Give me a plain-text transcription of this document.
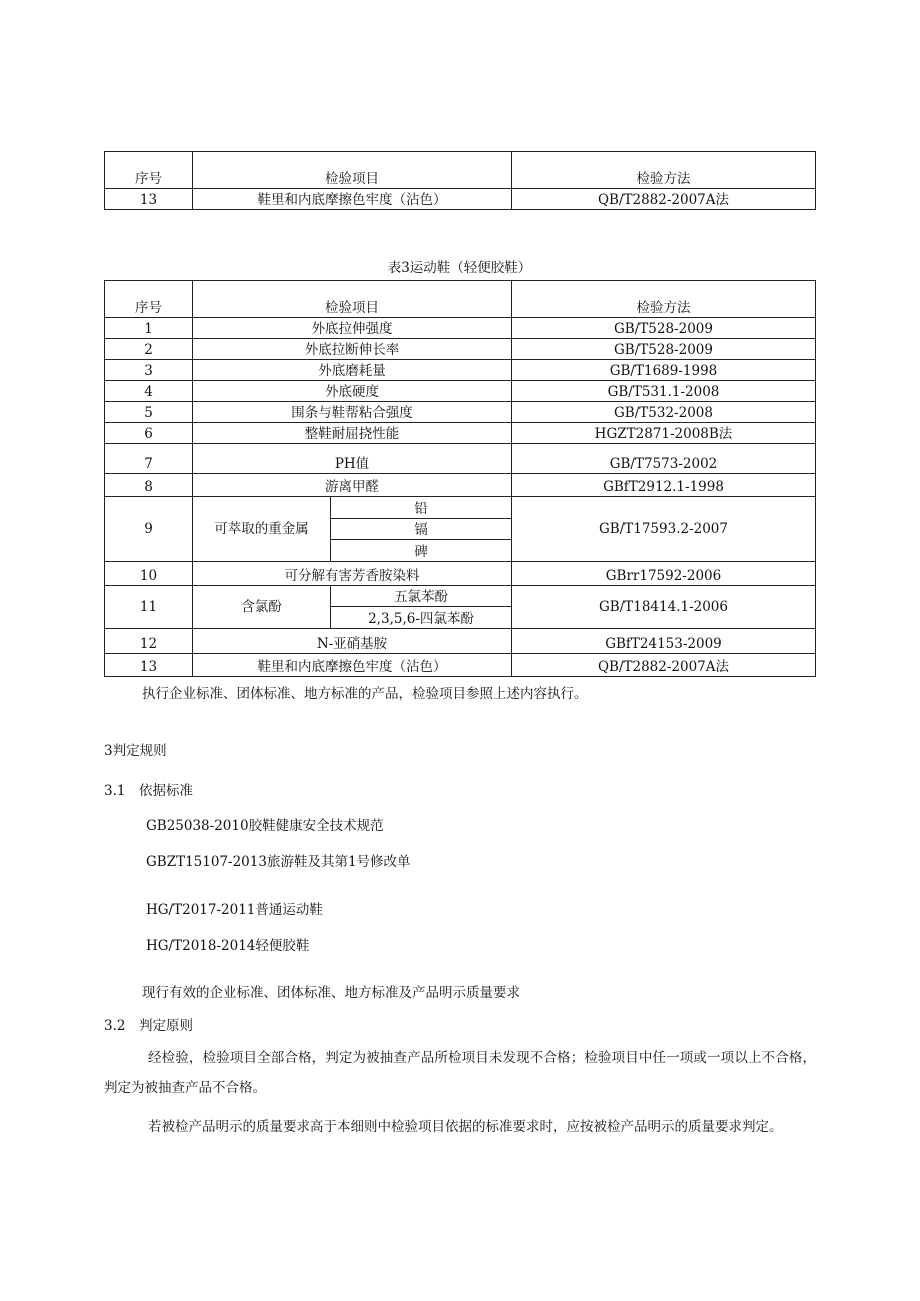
序号	检验项目	检验方法
13	鞋里和内底摩擦色牢度（沾色）	QB/T2882-2007A法
表3运动鞋（轻便胶鞋）
序号	检验项目		检验方法
1	外底拉伸强度		GB/T528-2009
2	外底拉断伸长率		GB/T528-2009
3	外底磨耗量		GB/T1689-1998
4	外底硬度		GB/T531.1-2008
5	围条与鞋帮粘合强度		GB/T532-2008
6	整鞋耐屈挠性能		HGZT2871-2008B法
7	PH值		GB/T7573-2002
8	游离甲醛		GBfT2912.1-1998
9	可萃取的重金属	铅	GB/T17593.2-2007
		镉	
		碑	
10	可分解有害芳香胺染料		GBrr17592-2006
11	含氯酚	五氯苯酚	GB/T18414.1-2006
		2,3,5,6-四氯苯酚	
12	N-亚硝基胺		GBfT24153-2009
13	鞋里和内底摩擦色牢度（沾色）		QB/T2882-2007A法
执行企业标准、团体标准、地方标准的产品，检验项目参照上述内容执行。
3判定规则
3.1　依据标准
GB25038-2010胶鞋健康安全技术规范
GBZT15107-2013旅游鞋及其第1号修改单
HG/T2017-2011普通运动鞋
HG/T2018-2014轻便胶鞋
现行有效的企业标准、团体标准、地方标准及产品明示质量要求
3.2　判定原则
经检验，检验项目全部合格，判定为被抽查产品所检项目未发现不合格；检验项目中任一项或一项以上不合格，判定为被抽查产品不合格。
若被检产品明示的质量要求高于本细则中检验项目依据的标准要求时，应按被检产品明示的质量要求判定。
